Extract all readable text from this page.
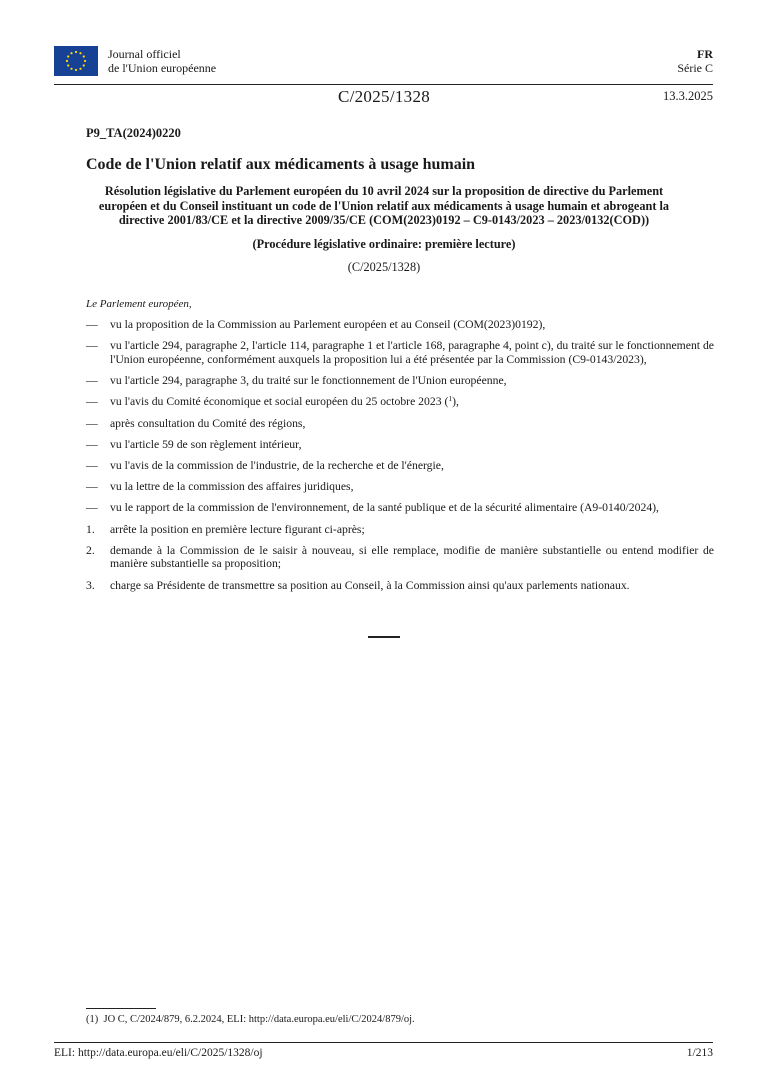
Journal officiel
de l'Union européenne
FR
Série C
C/2025/1328	13.3.2025
P9_TA(2024)0220
Code de l'Union relatif aux médicaments à usage humain
Résolution législative du Parlement européen du 10 avril 2024 sur la proposition de directive du Parlement européen et du Conseil instituant un code de l'Union relatif aux médicaments à usage humain et abrogeant la directive 2001/83/CE et la directive 2009/35/CE (COM(2023)0192 – C9-0143/2023 – 2023/0132(COD))
(Procédure législative ordinaire: première lecture)
(C/2025/1328)
Le Parlement européen,
— vu la proposition de la Commission au Parlement européen et au Conseil (COM(2023)0192),
— vu l'article 294, paragraphe 2, l'article 114, paragraphe 1 et l'article 168, paragraphe 4, point c), du traité sur le fonctionnement de l'Union européenne, conformément auxquels la proposition lui a été présentée par la Commission (C9-0143/2023),
— vu l'article 294, paragraphe 3, du traité sur le fonctionnement de l'Union européenne,
— vu l'avis du Comité économique et social européen du 25 octobre 2023 ($^1$),
— après consultation du Comité des régions,
— vu l'article 59 de son règlement intérieur,
— vu l'avis de la commission de l'industrie, de la recherche et de l'énergie,
— vu la lettre de la commission des affaires juridiques,
— vu le rapport de la commission de l'environnement, de la santé publique et de la sécurité alimentaire (A9-0140/2024),
1. arrête la position en première lecture figurant ci-après;
2. demande à la Commission de le saisir à nouveau, si elle remplace, modifie de manière substantielle ou entend modifier de manière substantielle sa proposition;
3. charge sa Présidente de transmettre sa position au Conseil, à la Commission ainsi qu'aux parlements nationaux.
(1) JO C, C/2024/879, 6.2.2024, ELI: http://data.europa.eu/eli/C/2024/879/oj.
ELI: http://data.europa.eu/eli/C/2025/1328/oj	1/213
